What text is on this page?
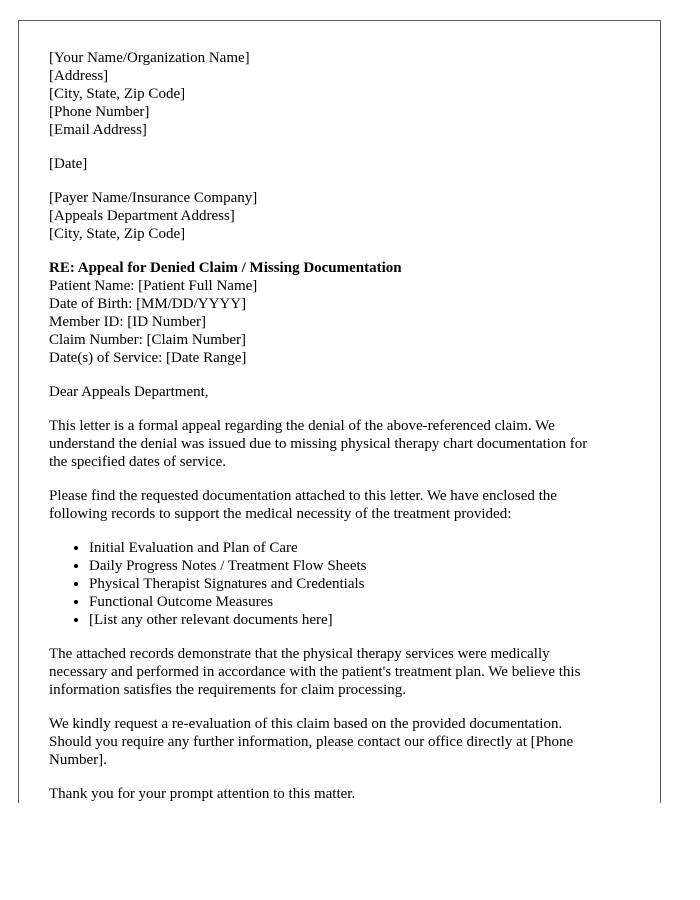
[Your Name/Organization Name]
[Address]
[City, State, Zip Code]
[Phone Number]
[Email Address]
[Date]
[Payer Name/Insurance Company]
[Appeals Department Address]
[City, State, Zip Code]
RE: Appeal for Denied Claim / Missing Documentation
Patient Name: [Patient Full Name]
Date of Birth: [MM/DD/YYYY]
Member ID: [ID Number]
Claim Number: [Claim Number]
Date(s) of Service: [Date Range]

Dear Appeals Department,

This letter is a formal appeal regarding the denial of the above-referenced claim. We
understand the denial was issued due to missing physical therapy chart documentation for
the specified dates of service.

Please find the requested documentation attached to this letter. We have enclosed the
following records to support the medical necessity of the treatment provided:

• Initial Evaluation and Plan of Care
• Daily Progress Notes / Treatment Flow Sheets
• Physical Therapist Signatures and Credentials
• Functional Outcome Measures
• [List any other relevant documents here]

The attached records demonstrate that the physical therapy services were medically
necessary and performed in accordance with the patient's treatment plan. We believe this
information satisfies the requirements for claim processing.

We kindly request a re-evaluation of this claim based on the provided documentation.
Should you require any further information, please contact our office directly at [Phone
Number].

Thank you for your prompt attention to this matter.
